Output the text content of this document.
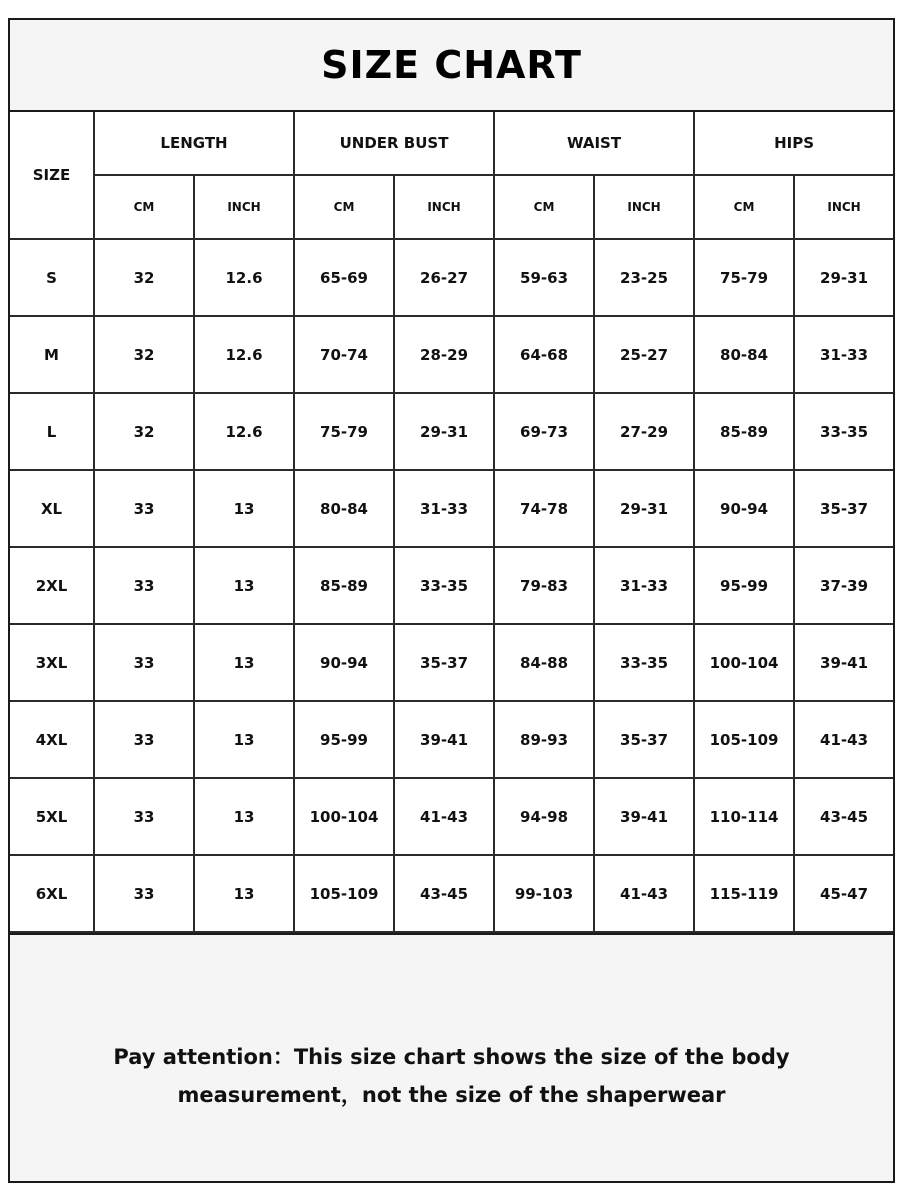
SIZE CHART
SIZE	LENGTH		UNDER BUST		WAIST		HIPS	
	CM	INCH	CM	INCH	CM	INCH	CM	INCH
S	32	12.6	65-69	26-27	59-63	23-25	75-79	29-31
M	32	12.6	70-74	28-29	64-68	25-27	80-84	31-33
L	32	12.6	75-79	29-31	69-73	27-29	85-89	33-35
XL	33	13	80-84	31-33	74-78	29-31	90-94	35-37
2XL	33	13	85-89	33-35	79-83	31-33	95-99	37-39
3XL	33	13	90-94	35-37	84-88	33-35	100-104	39-41
4XL	33	13	95-99	39-41	89-93	35-37	105-109	41-43
5XL	33	13	100-104	41-43	94-98	39-41	110-114	43-45
6XL	33	13	105-109	43-45	99-103	41-43	115-119	45-47
Pay attention：This size chart shows the size of the body
measurement，not the size of the shaperwear
